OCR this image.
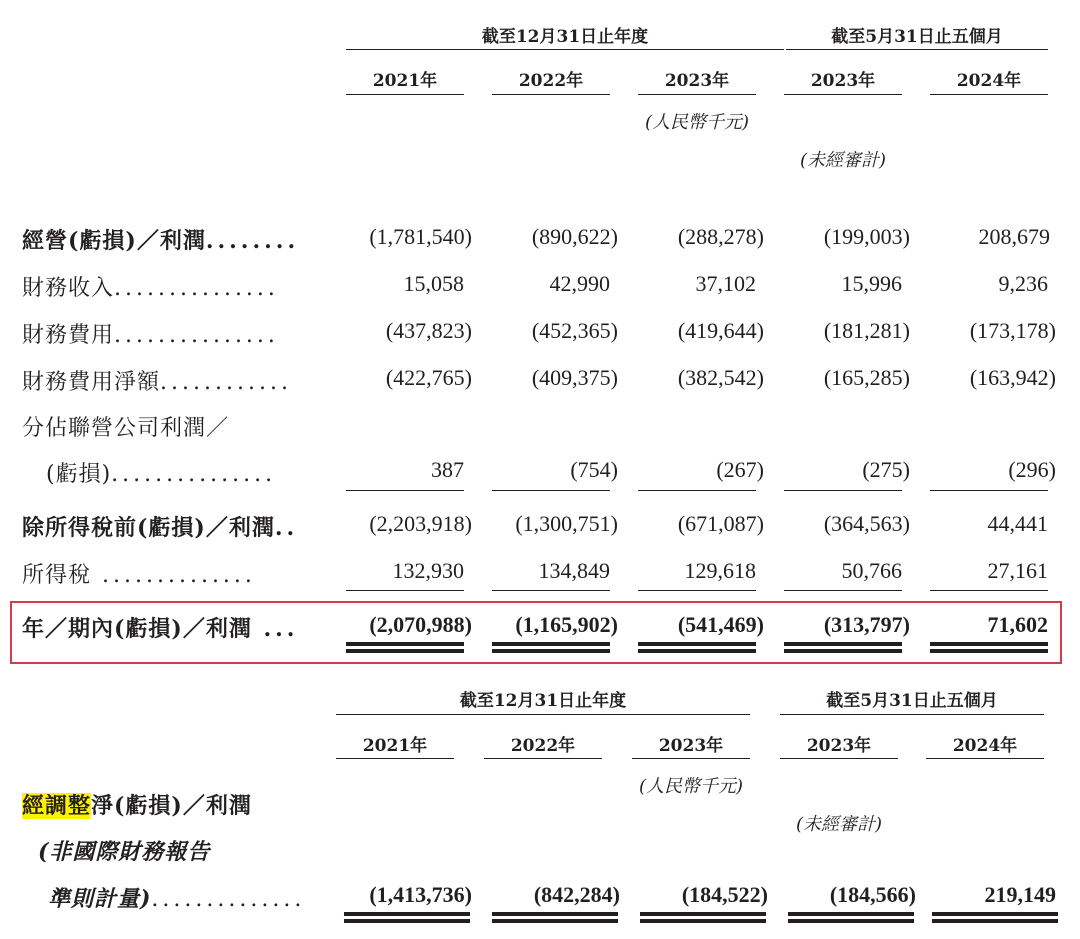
截至12月31日止年度	截至5月31日止五個月
2021年	2022年	2023年	2023年	2024年
(人民幣千元)
(未經審計)
經營(虧損)／利潤........	(1,781,540)	(890,622)	(288,278)	(199,003)	208,679
財務收入...............	15,058	42,990	37,102	15,996	9,236
財務費用...............	(437,823)	(452,365)	(419,644)	(181,281)	(173,178)
財務費用淨額............	(422,765)	(409,375)	(382,542)	(165,285)	(163,942)
分佔聯營公司利潤／
(虧損)...............	387	(754)	(267)	(275)	(296)
除所得稅前(虧損)／利潤..	(2,203,918) (1,300,751)	(671,087)	(364,563)	44,441
所得稅 ..............	132,930	134,849	129,618	50,766	27,161
年／期內(虧損)／利潤 ...	(2,070,988) (1,165,902)	(541,469)	(313,797)	71,602
截至12月31日止年度	截至5月31日止五個月
2021年	2022年	2023年	2023年	2024年
(人民幣千元)
(未經審計)
經調整淨(虧損)／利潤
(非國際財務報告
準則計量)..............	(1,413,736)	(842,284)	(184,522)	(184,566)	219,149
